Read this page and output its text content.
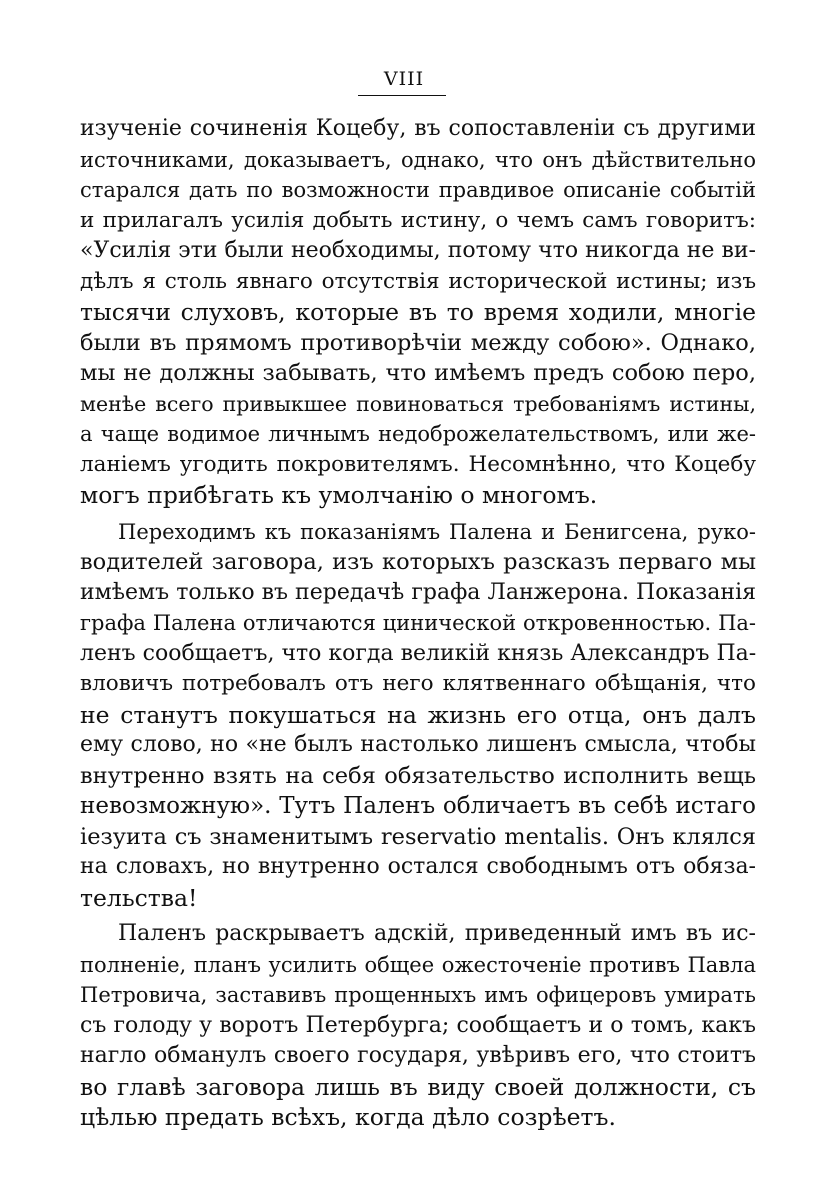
VIII
изученіе сочиненія Коцебу, въ сопоставленіи съ другими
источниками, доказываетъ, однако, что онъ дѣйствительно
старался дать по возможности правдивое описаніе событій
и прилагалъ усилія добыть истину, о чемъ самъ говоритъ:
«Усилія эти были необходимы, потому что никогда не ви-
дѣлъ я столь явнаго отсутствія исторической истины; изъ
тысячи слуховъ, которые въ то время ходили, многіе
были въ прямомъ противорѣчіи между собою». Однако,
мы не должны забывать, что имѣемъ предъ собою перо,
менѣе всего привыкшее повиноваться требованіямъ истины,
а чаще водимое личнымъ недоброжелательствомъ, или же-
ланіемъ угодить покровителямъ. Несомнѣнно, что Коцебу
могъ прибѣгать къ умолчанію о многомъ.
Переходимъ къ показаніямъ Палена и Бенигсена, руко-
водителей заговора, изъ которыхъ разсказъ перваго мы
имѣемъ только въ передачѣ графа Ланжерона. Показанія
графа Палена отличаются цинической откровенностью. Па-
ленъ сообщаетъ, что когда великій князь Александръ Па-
вловичъ потребовалъ отъ него клятвеннаго обѣщанія, что
не станутъ покушаться на жизнь его отца, онъ далъ
ему слово, но «не былъ настолько лишенъ смысла, чтобы
внутренно взять на себя обязательство исполнить вещь
невозможную». Тутъ Паленъ обличаетъ въ себѣ истаго
іезуита съ знаменитымъ reservatio mentalis. Онъ клялся
на словахъ, но внутренно остался свободнымъ отъ обяза-
тельства!
Паленъ раскрываетъ адскій, приведенный имъ въ ис-
полненіе, планъ усилить общее ожесточеніе противъ Павла
Петровича, заставивъ прощенныхъ имъ офицеровъ умирать
съ голоду у воротъ Петербурга; сообщаетъ и о томъ, какъ
нагло обманулъ своего государя, увѣривъ его, что стоитъ
во главѣ заговора лишь въ виду своей должности, съ
цѣлью предать всѣхъ, когда дѣло созрѣетъ.
